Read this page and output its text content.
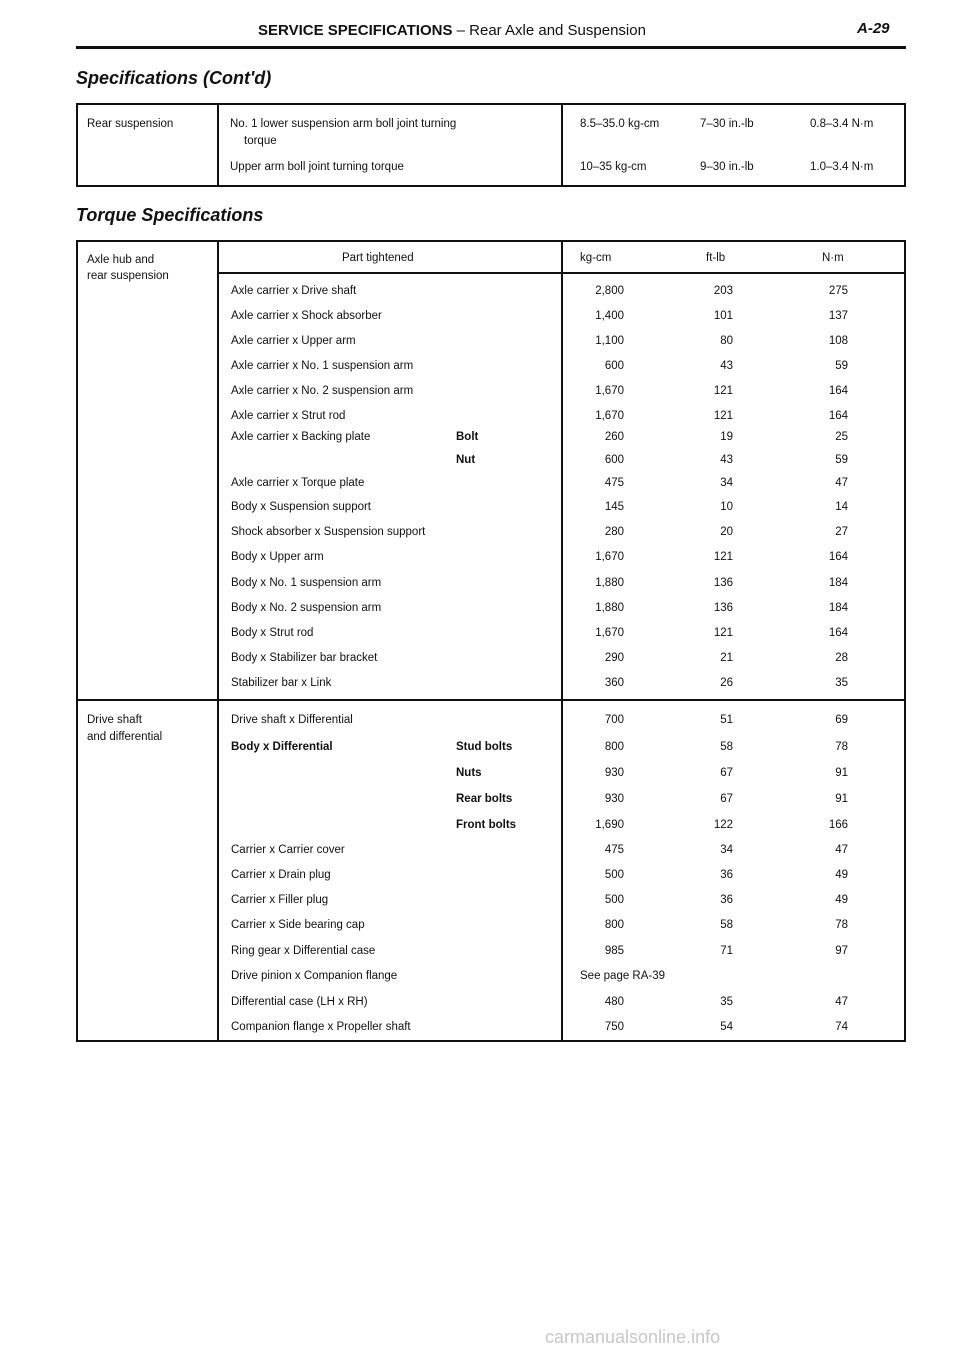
SERVICE SPECIFICATIONS – Rear Axle and Suspension	A-29
Specifications (Cont'd)
Rear suspension	No. 1 lower suspension arm boll joint turning
torque
8.5–35.0 kg-cm	7–30 in.-lb	0.8–3.4 N·m
Upper arm boll joint turning torque	10–35 kg-cm	9–30 in.-lb	1.0–3.4 N·m
Torque Specifications
Part tightened	kg-cm	ft-lb	N·m
Axle hub and
rear suspension
Drive shaft
and differential
Axle carrier x Drive shaft	2,800	203	275
Axle carrier x Shock absorber	1,400	101	137
Axle carrier x Upper arm	1,100	80	108
Axle carrier x No. 1 suspension arm	600	43	59
Axle carrier x No. 2 suspension arm	1,670	121	164
Axle carrier x Strut rod	1,670	121	164
Axle carrier x Backing plate	Bolt	260	19	25
Nut	600	43	59
Axle carrier x Torque plate	475	34	47
Body x Suspension support	145	10	14
Shock absorber x Suspension support	280	20	27
Body x Upper arm	1,670	121	164
Body x No. 1 suspension arm	1,880	136	184
Body x No. 2 suspension arm	1,880	136	184
Body x Strut rod	1,670	121	164
Body x Stabilizer bar bracket	290	21	28
Stabilizer bar x Link	360	26	35
Drive shaft x Differential	700	51	69
Body x Differential	Stud bolts	800	58	78
Nuts	930	67	91
Rear bolts	930	67	91
Front bolts	1,690	122	166
Carrier x Carrier cover	475	34	47
Carrier x Drain plug	500	36	49
Carrier x Filler plug	500	36	49
Carrier x Side bearing cap	800	58	78
Ring gear x Differential case	985	71	97
Drive pinion x Companion flange	See page RA-39
Differential case (LH x RH)	480	35	47
Companion flange x Propeller shaft	750	54	74
carmanualsonline.info
